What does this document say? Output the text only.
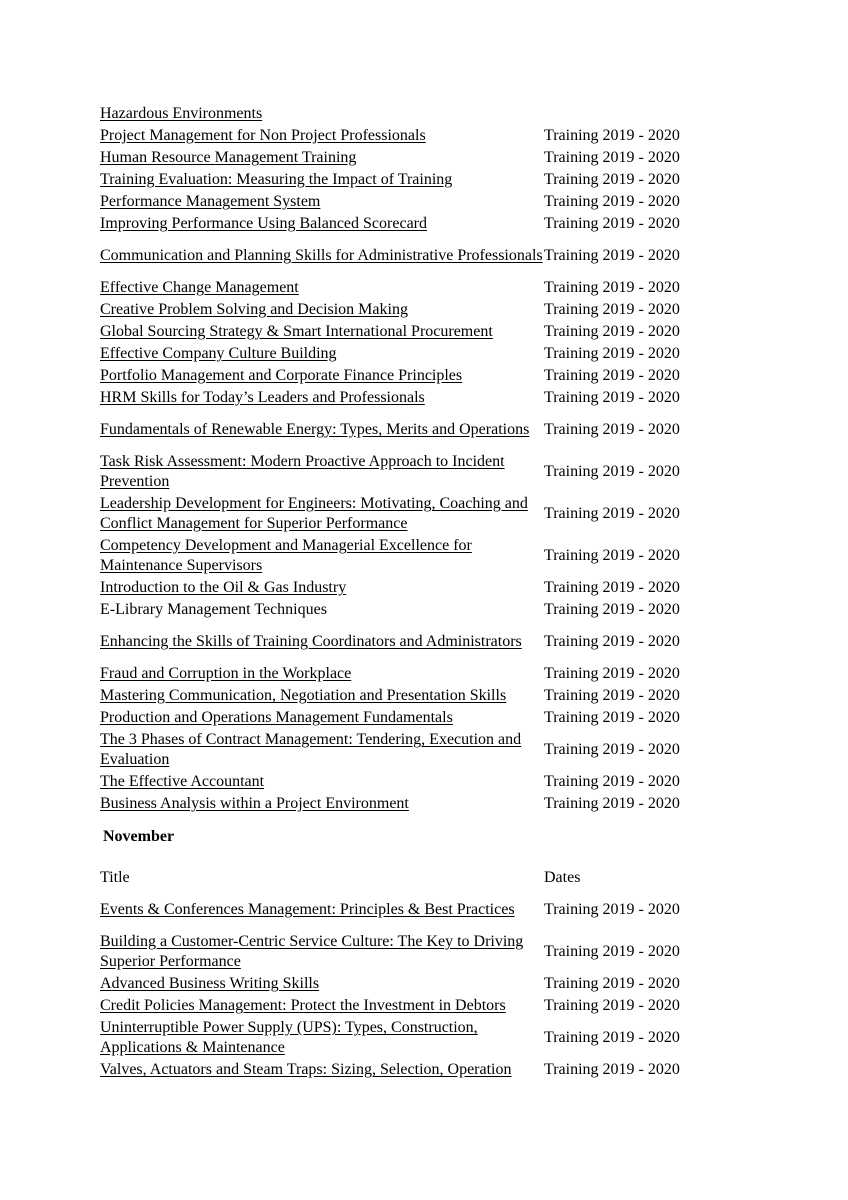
Hazardous Environments	
Project Management for Non Project Professionals	Training 2019 - 2020
Human Resource Management Training	Training 2019 - 2020
Training Evaluation: Measuring the Impact of Training	Training 2019 - 2020
Performance Management System	Training 2019 - 2020
Improving Performance Using Balanced Scorecard	Training 2019 - 2020
Communication and Planning Skills for Administrative Professionals	Training 2019 - 2020
Effective Change Management	Training 2019 - 2020
Creative Problem Solving and Decision Making	Training 2019 - 2020
Global Sourcing Strategy & Smart International Procurement	Training 2019 - 2020
Effective Company Culture Building	Training 2019 - 2020
Portfolio Management and Corporate Finance Principles	Training 2019 - 2020
HRM Skills for Today’s Leaders and Professionals	Training 2019 - 2020
Fundamentals of Renewable Energy: Types, Merits and Operations	Training 2019 - 2020
Task Risk Assessment: Modern Proactive Approach to Incident Prevention	Training 2019 - 2020
Leadership Development for Engineers: Motivating, Coaching and Conflict Management for Superior Performance	Training 2019 - 2020
Competency Development and Managerial Excellence for Maintenance Supervisors	Training 2019 - 2020
Introduction to the Oil & Gas Industry	Training 2019 - 2020
E-Library Management Techniques	Training 2019 - 2020
Enhancing the Skills of Training Coordinators and Administrators	Training 2019 - 2020
Fraud and Corruption in the Workplace	Training 2019 - 2020
Mastering Communication, Negotiation and Presentation Skills	Training 2019 - 2020
Production and Operations Management Fundamentals	Training 2019 - 2020
The 3 Phases of Contract Management: Tendering, Execution and Evaluation	Training 2019 - 2020
The Effective Accountant	Training 2019 - 2020
Business Analysis within a Project Environment	Training 2019 - 2020
November
Title	Dates
Events & Conferences Management: Principles & Best Practices	Training 2019 - 2020
Building a Customer-Centric Service Culture: The Key to Driving Superior Performance	Training 2019 - 2020
Advanced Business Writing Skills	Training 2019 - 2020
Credit Policies Management: Protect the Investment in Debtors	Training 2019 - 2020
Uninterruptible Power Supply (UPS): Types, Construction, Applications & Maintenance	Training 2019 - 2020
Valves, Actuators and Steam Traps: Sizing, Selection, Operation	Training 2019 - 2020
